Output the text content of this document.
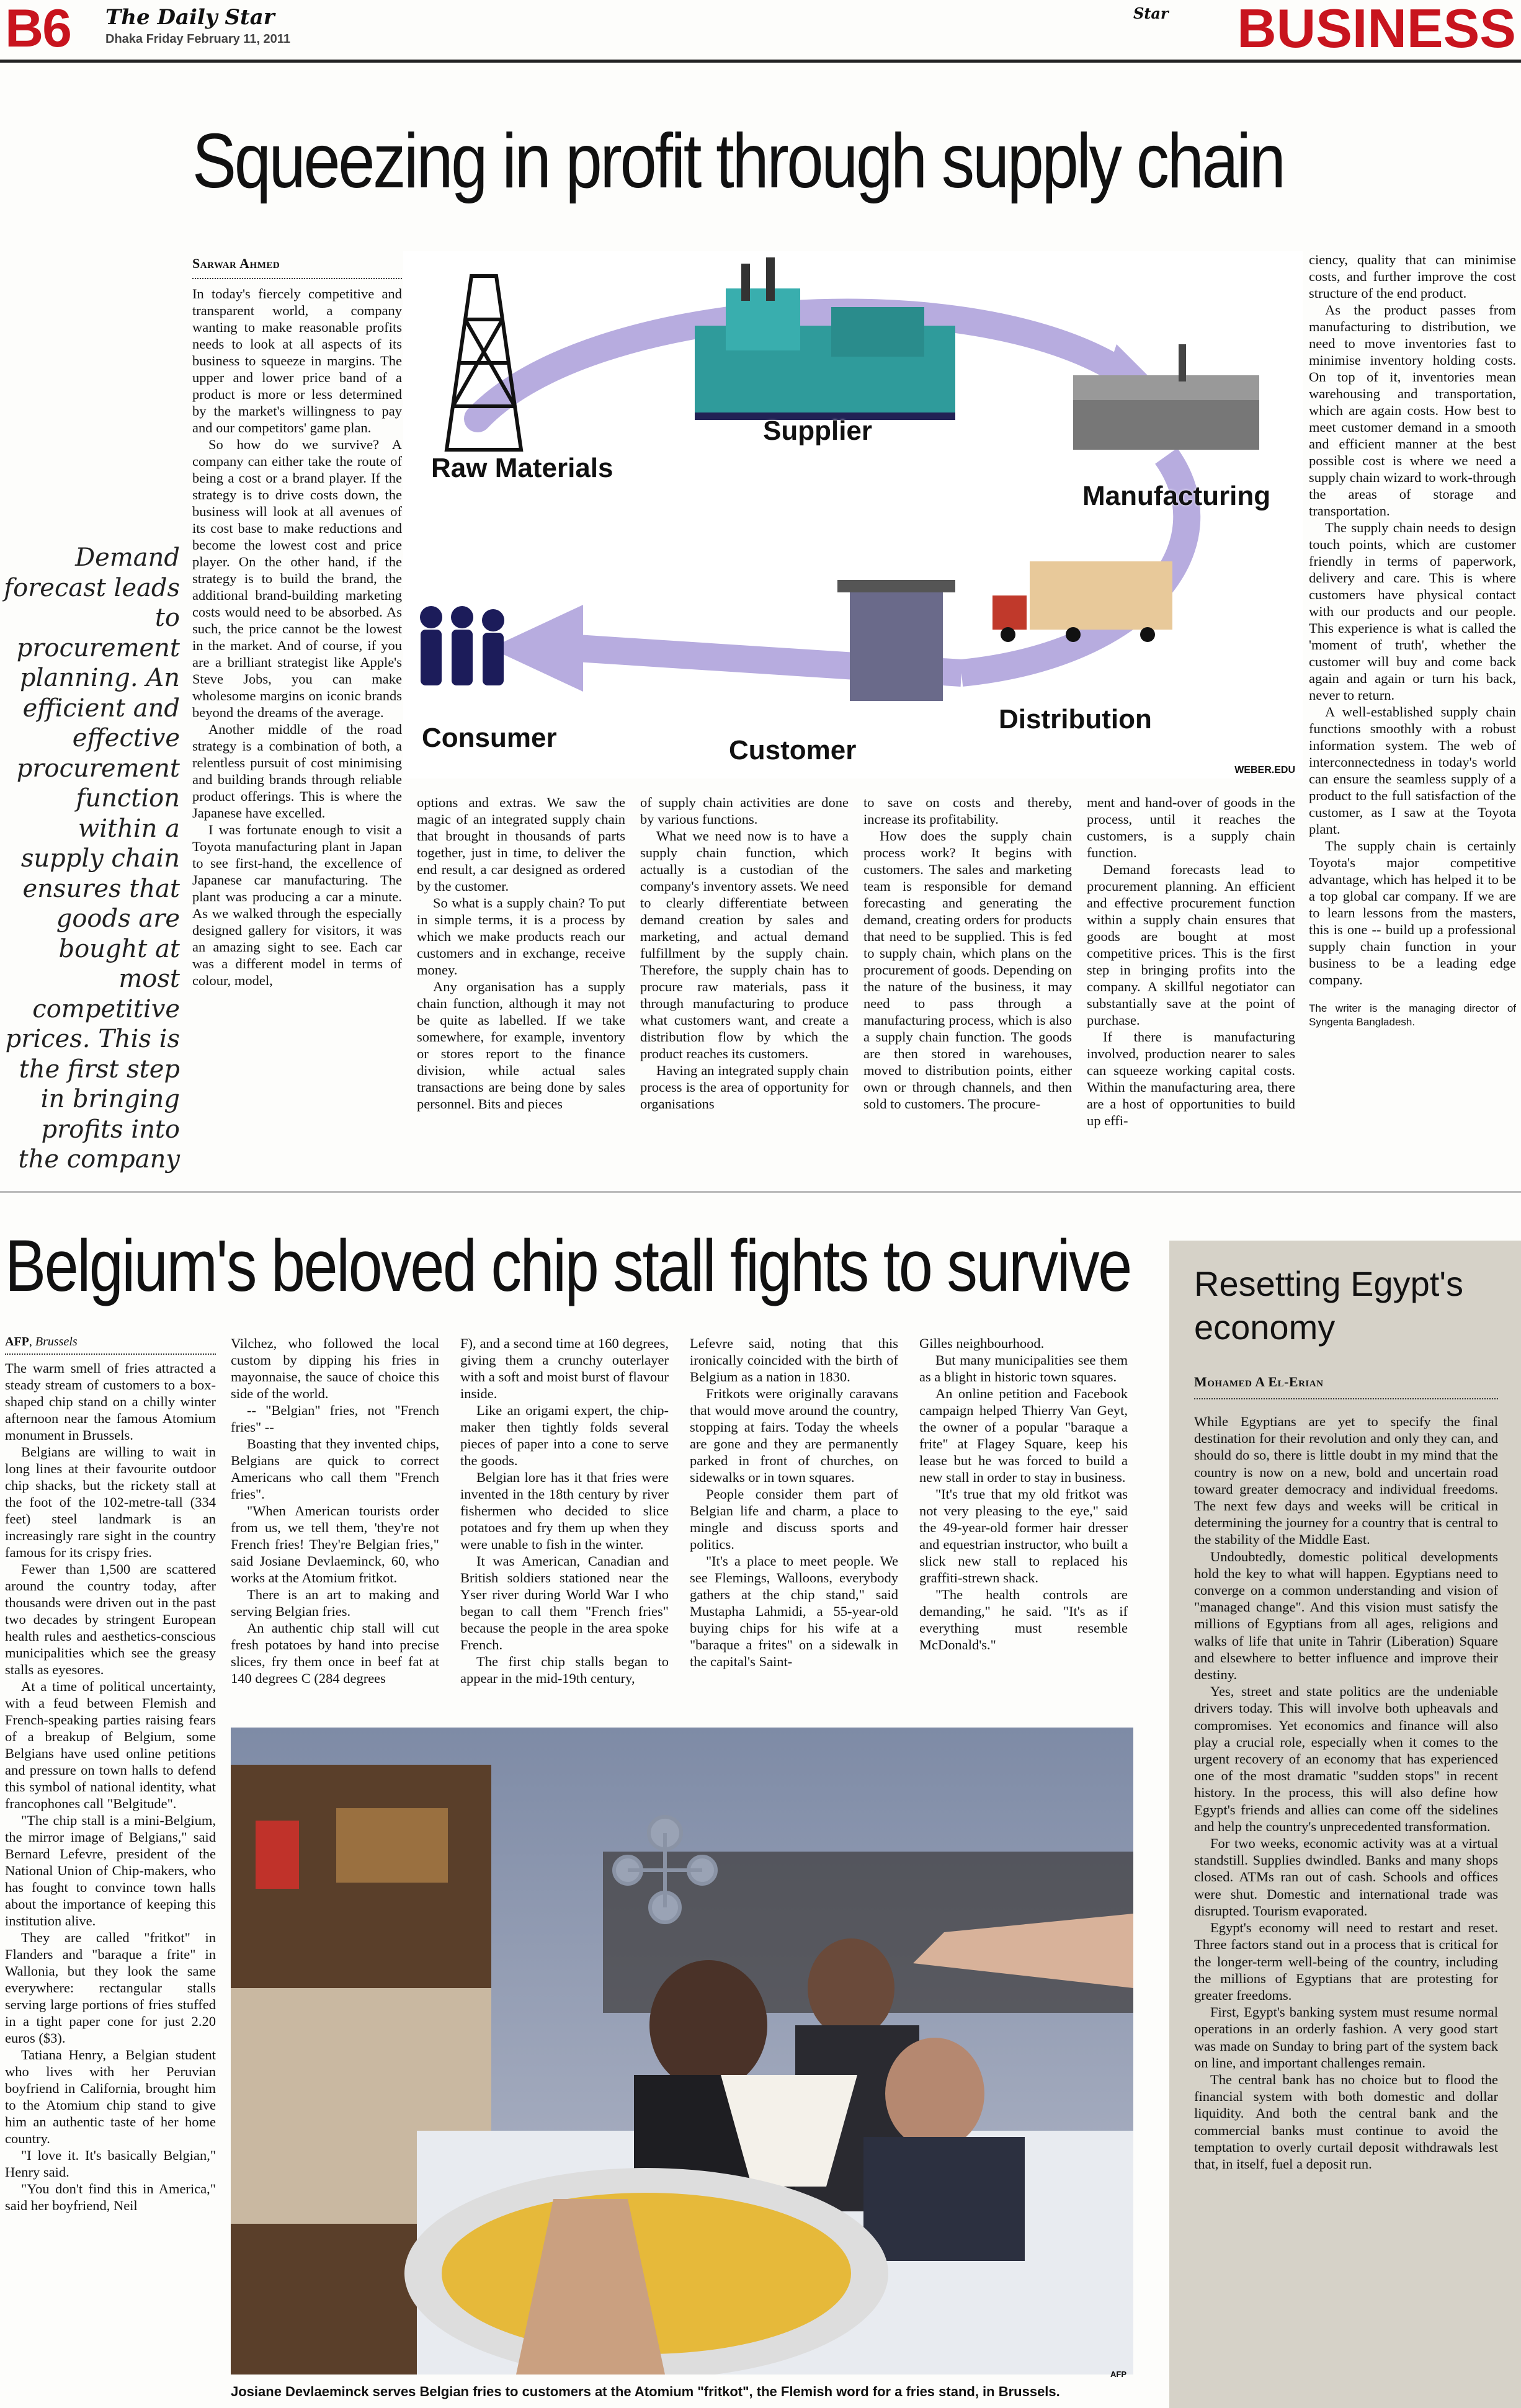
B6 The Daily Star
Dhaka Friday February 11, 2011
Star BUSINESS
Squeezing in profit through supply chain
Sarwar Ahmed
Demand forecast leads to procurement planning. An efficient and effective procurement function within a supply chain ensures that goods are bought at most competitive prices. This is the first step in bringing profits into the company

In today's fiercely competitive and transparent world, a company wanting to make reasonable profits needs to look at all aspects of its business to squeeze in margins. The upper and lower price band of a product is more or less determined by the market's willingness to pay and our competitors' game plan.

So how do we survive? A company can either take the route of being a cost or a brand player. If the strategy is to drive costs down, the business will look at all avenues of its cost base to make reductions and become the lowest cost and price player. On the other hand, if the strategy is to build the brand, the additional brand-building marketing costs would need to be absorbed. As such, the price cannot be the lowest in the market. And of course, if you are a brilliant strategist like Apple's Steve Jobs, you can make wholesome margins on iconic brands beyond the dreams of the average.

Another middle of the road strategy is a combination of both, a relentless pursuit of cost minimising and building brands through reliable product offerings. This is where the Japanese have excelled.

I was fortunate enough to visit a Toyota manufacturing plant in Japan to see first-hand, the excellence of Japanese car manufacturing. The plant was producing a car a minute. As we walked through the especially designed gallery for visitors, it was an amazing sight to see. Each car was a different model in terms of colour, model,

Raw Materials
Supplier
Manufacturing
Distribution
Customer
Consumer
WEBER.EDU

options and extras. We saw the magic of an integrated supply chain that brought in thousands of parts together, just in time, to deliver the end result, a car designed as ordered by the customer.

So what is a supply chain? To put in simple terms, it is a process by which we make products reach our customers and in exchange, receive money.

Any organisation has a supply chain function, although it may not be quite as labelled. If we take somewhere, for example, inventory or stores report to the finance division, while actual sales transactions are being done by sales personnel. Bits and pieces

of supply chain activities are done by various functions.

What we need now is to have a supply chain function, which actually is a custodian of the company's inventory assets. We need to clearly differentiate between demand creation by sales and marketing, and actual demand fulfillment by the supply chain. Therefore, the supply chain has to procure raw materials, pass it through manufacturing to produce what customers want, and create a distribution flow by which the product reaches its customers.

Having an integrated supply chain process is the area of opportunity for organisations

to save on costs and thereby, increase its profitability.

How does the supply chain process work? It begins with customers. The sales and marketing team is responsible for demand forecasting and generating the demand, creating orders for products that need to be supplied. This is fed to supply chain, which plans on the procurement of goods. Depending on the nature of the business, it may need to pass through a manufacturing process, which is also a supply chain function. The goods are then stored in warehouses, moved to distribution points, either own or through channels, and then sold to customers. The procure-

ment and hand-over of goods in the process, until it reaches the customers, is a supply chain function.

Demand forecasts lead to procurement planning. An efficient and effective procurement function within a supply chain ensures that goods are bought at most competitive prices. This is the first step in bringing profits into the company. A skillful negotiator can substantially save at the point of purchase.

If there is manufacturing involved, production nearer to sales can squeeze working capital costs. Within the manufacturing area, there are a host of opportunities to build up effi-

ciency, quality that can minimise costs, and further improve the cost structure of the end product.

As the product passes from manufacturing to distribution, we need to move inventories fast to minimise inventory holding costs. On top of it, inventories mean warehousing and transportation, which are again costs. How best to meet customer demand in a smooth and efficient manner at the best possible cost is where we need a supply chain wizard to work-through the areas of storage and transportation.

The supply chain needs to design touch points, which are customer friendly in terms of paperwork, delivery and care. This is where customers have physical contact with our products and our people. This experience is what is called the 'moment of truth', whether the customer will buy and come back again and again or turn his back, never to return.

A well-established supply chain functions smoothly with a robust information system. The web of interconnectedness in today's world can ensure the seamless supply of a product to the full satisfaction of the customer, as I saw at the Toyota plant.

The supply chain is certainly Toyota's major competitive advantage, which has helped it to be a top global car company. If we are to learn lessons from the masters, this is one -- build up a professional supply chain function in your business to be a leading edge company.

The writer is the managing director of Syngenta Bangladesh.
Belgium's beloved chip stall fights to survive
AFP, Brussels

The warm smell of fries attracted a steady stream of customers to a box-shaped chip stand on a chilly winter afternoon near the famous Atomium monument in Brussels.

Belgians are willing to wait in long lines at their favourite outdoor chip shacks, but the rickety stall at the foot of the 102-metre-tall (334 feet) steel landmark is an increasingly rare sight in the country famous for its crispy fries.

Fewer than 1,500 are scattered around the country today, after thousands were driven out in the past two decades by stringent European health rules and aesthetics-conscious municipalities which see the greasy stalls as eyesores.

At a time of political uncertainty, with a feud between Flemish and French-speaking parties raising fears of a breakup of Belgium, some Belgians have used online petitions and pressure on town halls to defend this symbol of national identity, what francophones call "Belgitude".

"The chip stall is a mini-Belgium, the mirror image of Belgians," said Bernard Lefevre, president of the National Union of Chip-makers, who has fought to convince town halls about the importance of keeping this institution alive.

They are called "fritkot" in Flanders and "baraque a frite" in Wallonia, but they look the same everywhere: rectangular stalls serving large portions of fries stuffed in a tight paper cone for just 2.20 euros ($3).

Tatiana Henry, a Belgian student who lives with her Peruvian boyfriend in California, brought him to the Atomium chip stand to give him an authentic taste of her home country.

"I love it. It's basically Belgian," Henry said.

"You don't find this in America," said her boyfriend, Neil

Vilchez, who followed the local custom by dipping his fries in mayonnaise, the sauce of choice this side of the world.

-- "Belgian" fries, not "French fries" --

Boasting that they invented chips, Belgians are quick to correct Americans who call them "French fries".

"When American tourists order from us, we tell them, 'they're not French fries! They're Belgian fries," said Josiane Devlaeminck, 60, who works at the Atomium fritkot.

There is an art to making and serving Belgian fries.

An authentic chip stall will cut fresh potatoes by hand into precise slices, fry them once in beef fat at 140 degrees C (284 degrees

F), and a second time at 160 degrees, giving them a crunchy outerlayer with a soft and moist burst of flavour inside.

Like an origami expert, the chip-maker then tightly folds several pieces of paper into a cone to serve the goods.

Belgian lore has it that fries were invented in the 18th century by river fishermen who decided to slice potatoes and fry them up when they were unable to fish in the winter.

It was American, Canadian and British soldiers stationed near the Yser river during World War I who began to call them "French fries" because the people in the area spoke French.

The first chip stalls began to appear in the mid-19th century,

Lefevre said, noting that this ironically coincided with the birth of Belgium as a nation in 1830.

Fritkots were originally caravans that would move around the country, stopping at fairs. Today the wheels are gone and they are permanently parked in front of churches, on sidewalks or in town squares.

People consider them part of Belgian life and charm, a place to mingle and discuss sports and politics.

"It's a place to meet people. We see Flemings, Walloons, everybody gathers at the chip stand," said Mustapha Lahmidi, a 55-year-old buying chips for his wife at a "baraque a frites" on a sidewalk in the capital's Saint-

Gilles neighbourhood.

But many municipalities see them as a blight in historic town squares.

An online petition and Facebook campaign helped Thierry Van Geyt, the owner of a popular "baraque a frite" at Flagey Square, keep his lease but he was forced to build a new stall in order to stay in business.

"It's true that my old fritkot was not very pleasing to the eye," said the 49-year-old former hair dresser and equestrian instructor, who built a slick new stall to replaced his graffiti-strewn shack.

"The health controls are demanding," he said. "It's as if everything must resemble McDonald's."

AFP
Josiane Devlaeminck serves Belgian fries to customers at the Atomium "fritkot", the Flemish word for a fries stand, in Brussels.
Resetting Egypt's economy
Mohamed A El-Erian

While Egyptians are yet to specify the final destination for their revolution and only they can, and should do so, there is little doubt in my mind that the country is now on a new, bold and uncertain road toward greater democracy and individual freedoms. The next few days and weeks will be critical in determining the journey for a country that is central to the stability of the Middle East.

Undoubtedly, domestic political developments hold the key to what will happen. Egyptians need to converge on a common understanding and vision of "managed change". And this vision must satisfy the millions of Egyptians from all ages, religions and walks of life that unite in Tahrir (Liberation) Square and elsewhere to better influence and improve their destiny.

Yes, street and state politics are the undeniable drivers today. This will involve both upheavals and compromises. Yet economics and finance will also play a crucial role, especially when it comes to the urgent recovery of an economy that has experienced one of the most dramatic "sudden stops" in recent history. In the process, this will also define how Egypt's friends and allies can come off the sidelines and help the country's unprecedented transformation.

For two weeks, economic activity was at a virtual standstill. Supplies dwindled. Banks and many shops closed. ATMs ran out of cash. Schools and offices were shut. Domestic and international trade was disrupted. Tourism evaporated.

Egypt's economy will need to restart and reset. Three factors stand out in a process that is critical for the longer-term well-being of the country, including the millions of Egyptians that are protesting for greater freedoms.

First, Egypt's banking system must resume normal operations in an orderly fashion. A very good start was made on Sunday to bring part of the system back on line, and important challenges remain.

The central bank has no choice but to flood the financial system with both domestic and dollar liquidity. And both the central bank and the commercial banks must continue to avoid the temptation to overly curtail deposit withdrawals lest that, in itself, fuel a deposit run.
